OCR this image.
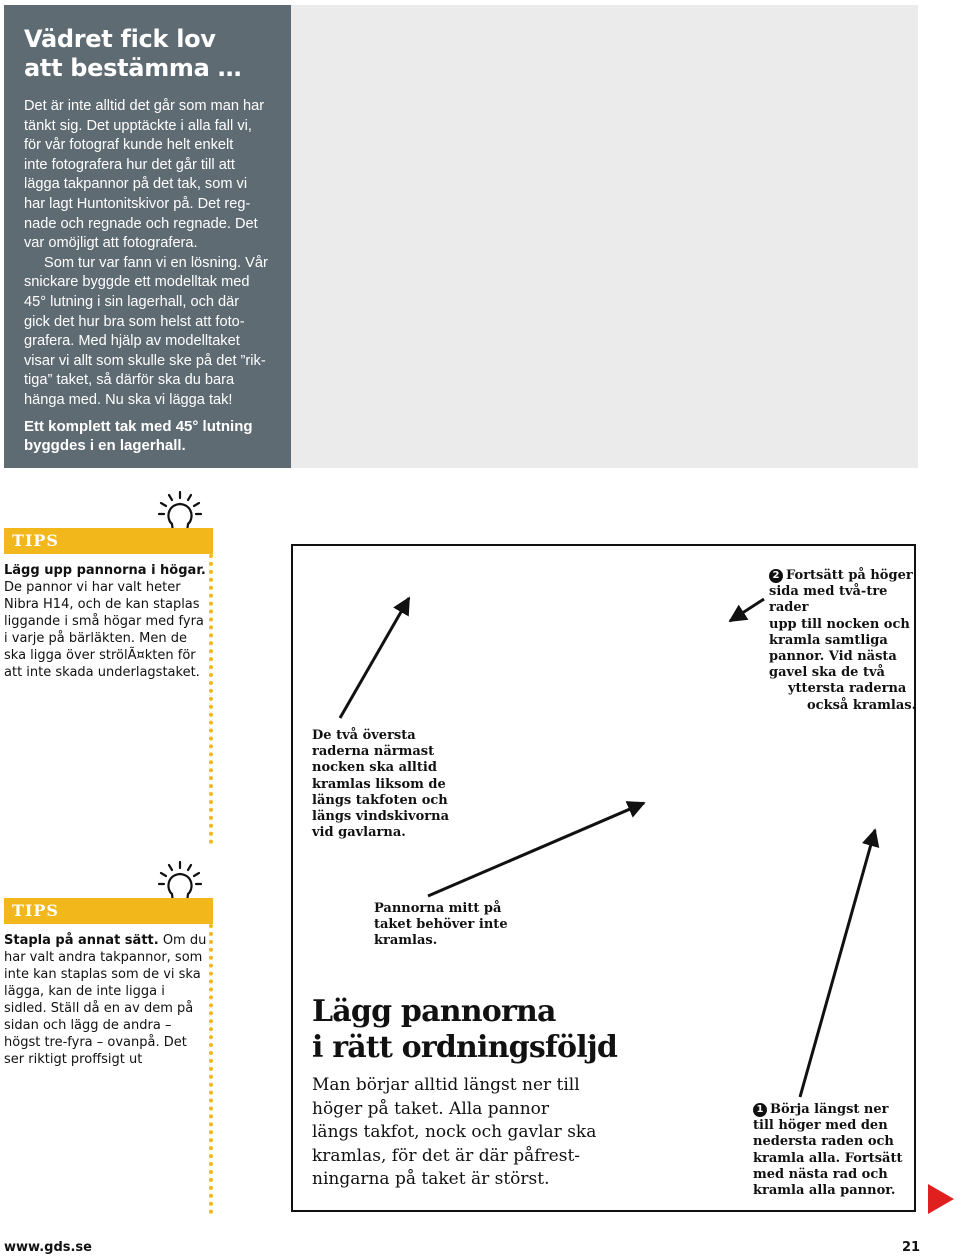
Vädret fick lov
att bestämma …

Det är inte alltid det går som man har

tänkt sig. Det upptäckte i alla fall vi,

för vår fotograf kunde helt enkelt

inte fotografera hur det går till att

lägga takpannor på det tak, som vi

har lagt Huntonitskivor på. Det reg-

nade och regnade och regnade. Det

var omöjligt att fotografera.

Som tur var fann vi en lösning. Vår

snickare byggde ett modelltak med

45° lutning i sin lagerhall, och där

gick det hur bra som helst att foto-

grafera. Med hjälp av modelltaket

visar vi allt som skulle ske på det ”rik-

tiga” taket, så därför ska du bara

hänga med. Nu ska vi lägga tak!

Ett komplett tak med 45° lutning
byggdes i en lagerhall.

TIPS
Lägg upp pannorna i högar. De pannor vi har valt heter Nibra H14, och de kan staplas liggande i små högar med fyra i varje på bärläkten. Men de ska ligga över strölÃ¤kten för att inte skada underlagstaket.
TIPS
Stapla på annat sätt. Om du har valt andra takpannor, som inte kan staplas som de vi ska lägga, kan de inte ligga i sidled. Ställ då en av dem på sidan och lägg de andra – högst tre-fyra – ovanpå. Det ser riktigt proffsigt ut
2 Fortsätt på höger
sida med två-tre rader
upp till nocken och
kramla samtliga
pannor. Vid nästa
gavel ska de två
yttersta raderna
också kramlas.
De två översta
raderna närmast
nocken ska alltid
kramlas liksom de
längs takfoten och
längs vindskivorna
vid gavlarna.
Pannorna mitt på
taket behöver inte
kramlas.
Lägg pannorna
i rätt ordningsföljd
Man börjar alltid längst ner till
höger på taket. Alla pannor
längs takfot, nock och gavlar ska
kramlas, för det är där påfrest-
ningarna på taket är störst.
1 Börja längst ner
till höger med den
nedersta raden och
kramla alla. Fortsätt
med nästa rad och
kramla alla pannor.
www.gds.se	21
